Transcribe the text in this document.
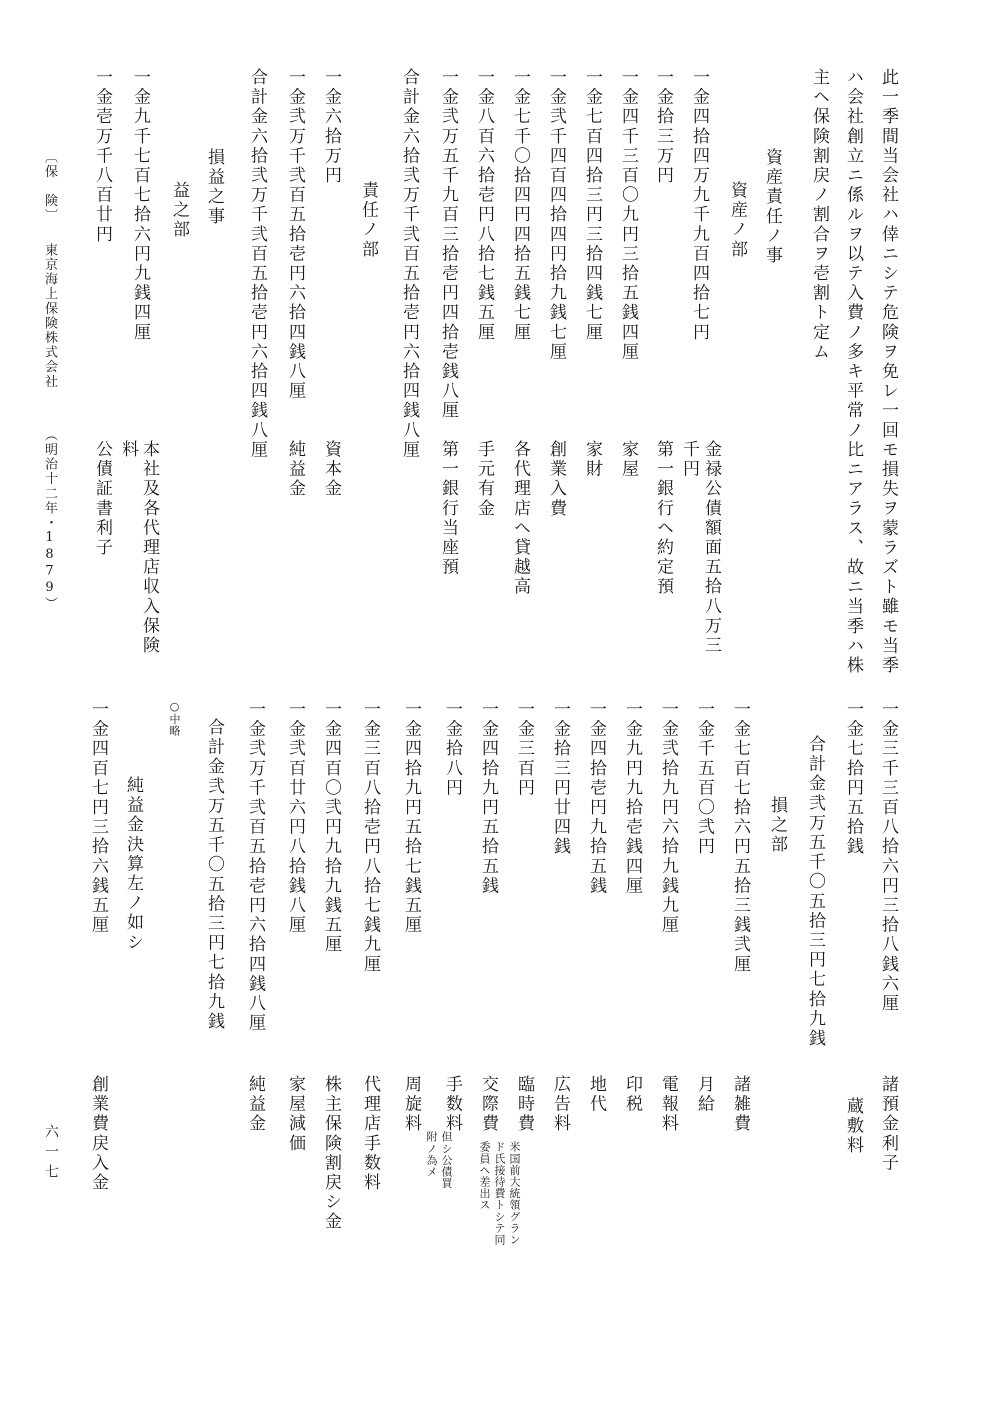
此一季間当会社ハ倖ニシテ危険ヲ免レ一回モ損失ヲ蒙ラズト雖モ当季
ハ会社創立ニ係ルヲ以テ入費ノ多キ平常ノ比ニアラス、故ニ当季ハ株
主ヘ保険割戻ノ割合ヲ壱割ト定ム
資産責任ノ事
資産ノ部
一金四拾四万九千九百四拾七円
金禄公債額面五拾八万三
千円
一金拾三万円
第一銀行ヘ約定預
一金四千三百〇九円三拾五銭四厘
家屋
一金七百四拾三円三拾四銭七厘
家財
一金弐千四百四拾四円拾九銭七厘
創業入費
一金七千〇拾四円四拾五銭七厘
各代理店へ貸越高
一金八百六拾壱円八拾七銭五厘
手元有金
一金弐万五千九百三拾壱円四拾壱銭八厘
第一銀行当座預
合計金六拾弐万千弐百五拾壱円六拾四銭八厘
責任ノ部
一金六拾万円
資本金
一金弐万千弐百五拾壱円六拾四銭八厘
純益金
合計金六拾弐万千弐百五拾壱円六拾四銭八厘
損益之事
益之部
一金九千七百七拾六円九銭四厘
本社及各代理店収入保険
料
一金壱万千八百廿円
公債証書利子
一金三千三百八拾六円三拾八銭六厘
諸預金利子
一金七拾円五拾銭
蔵敷料
合計金弐万五千〇五拾三円七拾九銭
損之部
一金七百七拾六円五拾三銭弐厘
諸雑費
一金千五百〇弐円
月給
一金弐拾九円六拾九銭九厘
電報料
一金九円九拾壱銭四厘
印税
一金四拾壱円九拾五銭
地代
一金拾三円廿四銭
広告料
一金三百円
臨時費
米国前大統領グラン
ド氏接待費トシテ同
委員ヘ差出ス
一金四拾九円五拾五銭
交際費
一金拾八円
手数料
但シ公債買
附ノ為メ
一金四拾九円五拾七銭五厘
周旋料
一金三百八拾壱円八拾七銭九厘
代理店手数料
一金四百〇弐円九拾九銭五厘
株主保険割戻シ金
一金弐百廿六円八拾銭八厘
家屋減価
一金弐万千弐百五拾壱円六拾四銭八厘
純益金
合計金弐万五千〇五拾三円七拾九銭
○中略
純益金決算左ノ如シ
一金四百七円三拾六銭五厘
創業費戻入金
〔保　険〕
東京海上保険株式会社
（明治十二年・1879）
六一七
